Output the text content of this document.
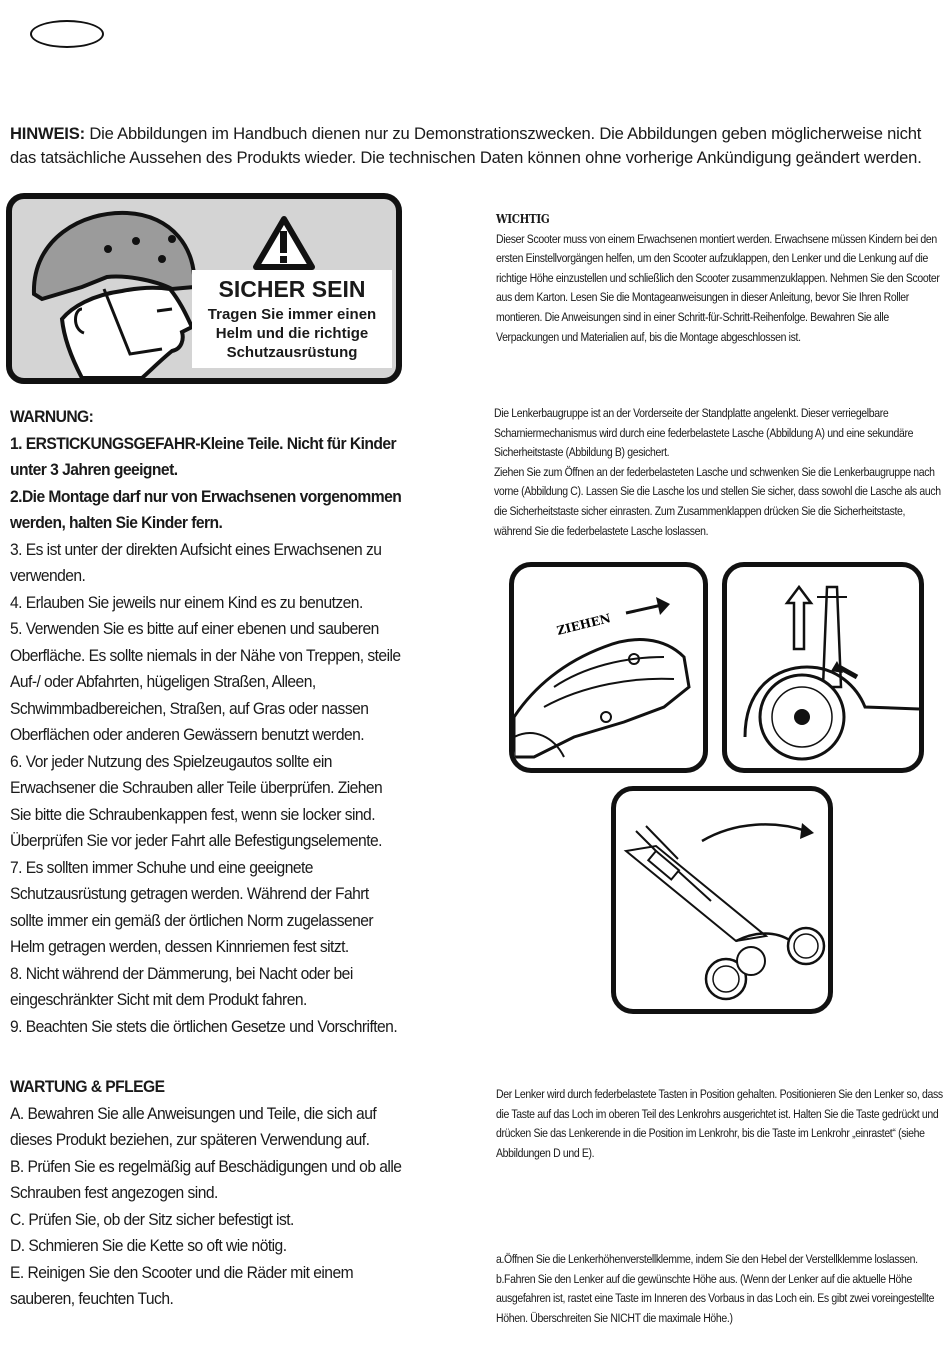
HINWEIS: Die Abbildungen im Handbuch dienen nur zu Demonstrationszwecken. Die Abbildungen geben möglicherweise nicht das tatsächliche Aussehen des Produkts wieder. Die technischen Daten können ohne vorherige Ankündigung geändert werden.
SICHER SEIN
Tragen Sie immer einen
Helm und die richtige
Schutzausrüstung
WARNUNG:
1. ERSTICKUNGSGEFAHR-Kleine Teile. Nicht für Kinder unter 3 Jahren geeignet.
2.Die Montage darf nur von Erwachsenen vorgenommen werden, halten Sie Kinder fern.
3. Es ist unter der direkten Aufsicht eines Erwachsenen zu verwenden.
4. Erlauben Sie jeweils nur einem Kind es zu benutzen.
5. Verwenden Sie es bitte auf einer ebenen und sauberen Oberfläche. Es sollte niemals in der Nähe von Treppen, steile Auf-/ oder Abfahrten, hügeligen Straßen, Alleen, Schwimmbadbereichen, Straßen, auf Gras oder nassen Oberflächen oder anderen Gewässern benutzt werden.
6. Vor jeder Nutzung des Spielzeugautos sollte ein Erwachsener die Schrauben aller Teile überprüfen. Ziehen Sie bitte die Schraubenkappen fest, wenn sie locker sind. Überprüfen Sie vor jeder Fahrt alle Befestigungselemente.
7. Es sollten immer Schuhe und eine geeignete Schutzausrüstung getragen werden. Während der Fahrt sollte immer ein gemäß der örtlichen Norm zugelassener Helm getragen werden, dessen Kinnriemen fest sitzt.
8. Nicht während der Dämmerung, bei Nacht oder bei eingeschränkter Sicht mit dem Produkt fahren.
9. Beachten Sie stets die örtlichen Gesetze und Vorschriften.
WARTUNG & PFLEGE
A. Bewahren Sie alle Anweisungen und Teile, die sich auf dieses Produkt beziehen, zur späteren Verwendung auf.
B. Prüfen Sie es regelmäßig auf Beschädigungen und ob alle Schrauben fest angezogen sind.
C. Prüfen Sie, ob der Sitz sicher befestigt ist.
D. Schmieren Sie die Kette so oft wie nötig.
E. Reinigen Sie den Scooter und die Räder mit einem sauberen, feuchten Tuch.
WICHTIG
Dieser Scooter muss von einem Erwachsenen montiert werden. Erwachsene müssen Kindern bei den ersten Einstellvorgängen helfen, um den Scooter aufzuklappen, den Lenker und die Lenkung auf die richtige Höhe einzustellen und schließlich den Scooter zusammenzuklappen. Nehmen Sie den Scooter aus dem Karton. Lesen Sie die Montageanweisungen in dieser Anleitung, bevor Sie Ihren Roller montieren. Die Anweisungen sind in einer Schritt-für-Schritt-Reihenfolge. Bewahren Sie alle Verpackungen und Materialien auf, bis die Montage abgeschlossen ist.
Die Lenkerbaugruppe ist an der Vorderseite der Standplatte angelenkt. Dieser verriegelbare Scharniermechanismus wird durch eine federbelastete Lasche (Abbildung A) und eine sekundäre Sicherheitstaste (Abbildung B) gesichert.
Ziehen Sie zum Öffnen an der federbelasteten Lasche und schwenken Sie die Lenkerbaugruppe nach vorne (Abbildung C). Lassen Sie die Lasche los und stellen Sie sicher, dass sowohl die Lasche als auch die Sicherheitstaste sicher einrasten. Zum Zusammenklappen drücken Sie die Sicherheitstaste, während Sie die federbelastete Lasche loslassen.
ZIEHEN
Der Lenker wird durch federbelastete Tasten in Position gehalten. Positionieren Sie den Lenker so, dass die Taste auf das Loch im oberen Teil des Lenkrohrs ausgerichtet ist. Halten Sie die Taste gedrückt und drücken Sie das Lenkerende in die Position im Lenkrohr, bis die Taste im Lenkrohr „einrastet“ (siehe Abbildungen D und E).
a.Öffnen Sie die Lenkerhöhenverstellklemme, indem Sie den Hebel der Verstellklemme loslassen.
b.Fahren Sie den Lenker auf die gewünschte Höhe aus. (Wenn der Lenker auf die aktuelle Höhe ausgefahren ist, rastet eine Taste im Inneren des Vorbaus in das Loch ein. Es gibt zwei voreingestellte Höhen. Überschreiten Sie NICHT die maximale Höhe.)
